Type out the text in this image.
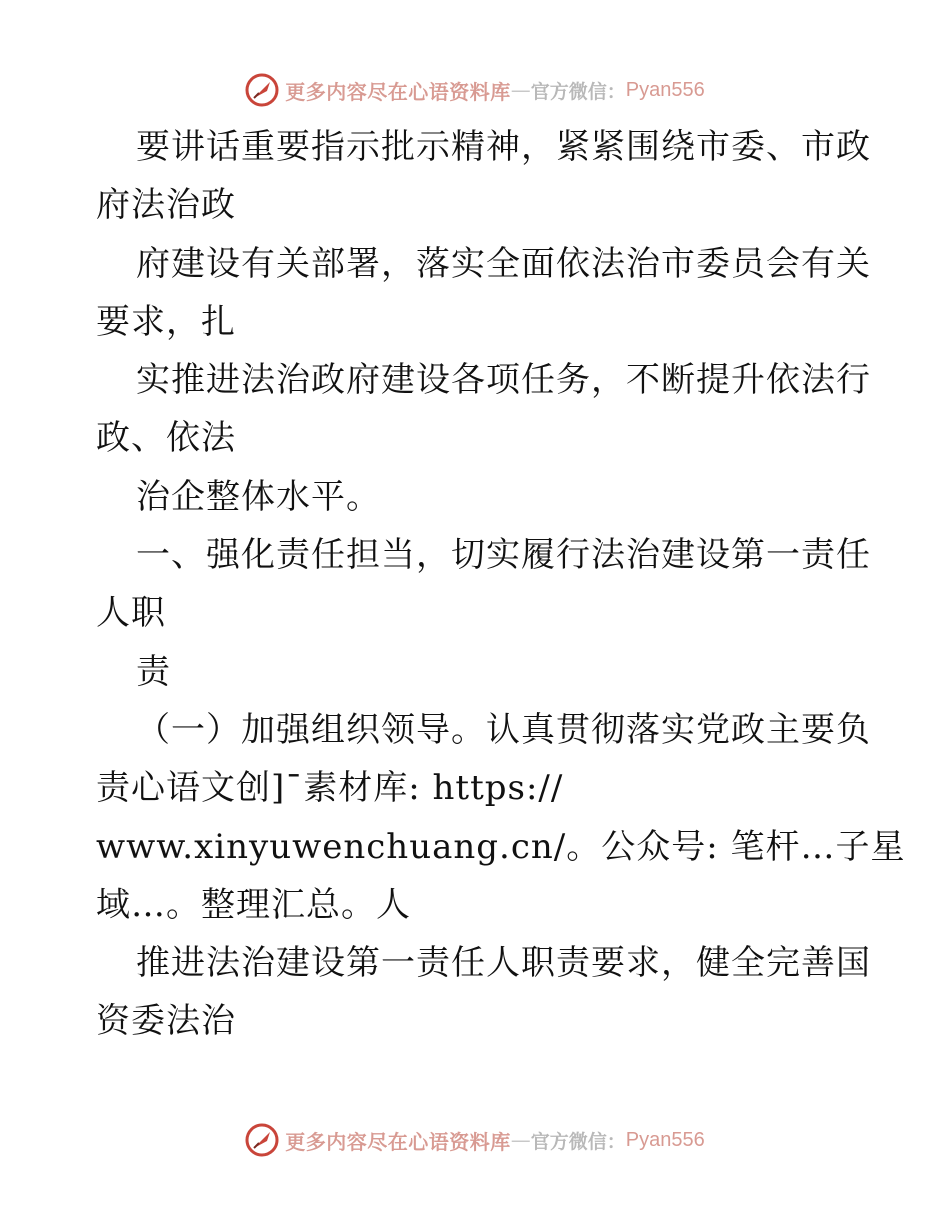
更多内容尽在心语资料库 — 官方微信： Pyan556
要讲话重要指示批示精神，紧紧围绕市委、市政
府法治政
府建设有关部署，落实全面依法治市委员会有关
要求，扎
实推进法治政府建设各项任务，不断提升依法行
政、依法
治企整体水平。
一、强化责任担当，切实履行法治建设第一责任
人职
责
（一）加强组织领导。认真贯彻落实党政主要负
责心语文创]¯素材库: https://
www.xinyuwenchuang.cn/。公众号: 笔杆…子星
域…。整理汇总。人
推进法治建设第一责任人职责要求，健全完善国
资委法治
更多内容尽在心语资料库 — 官方微信： Pyan556
